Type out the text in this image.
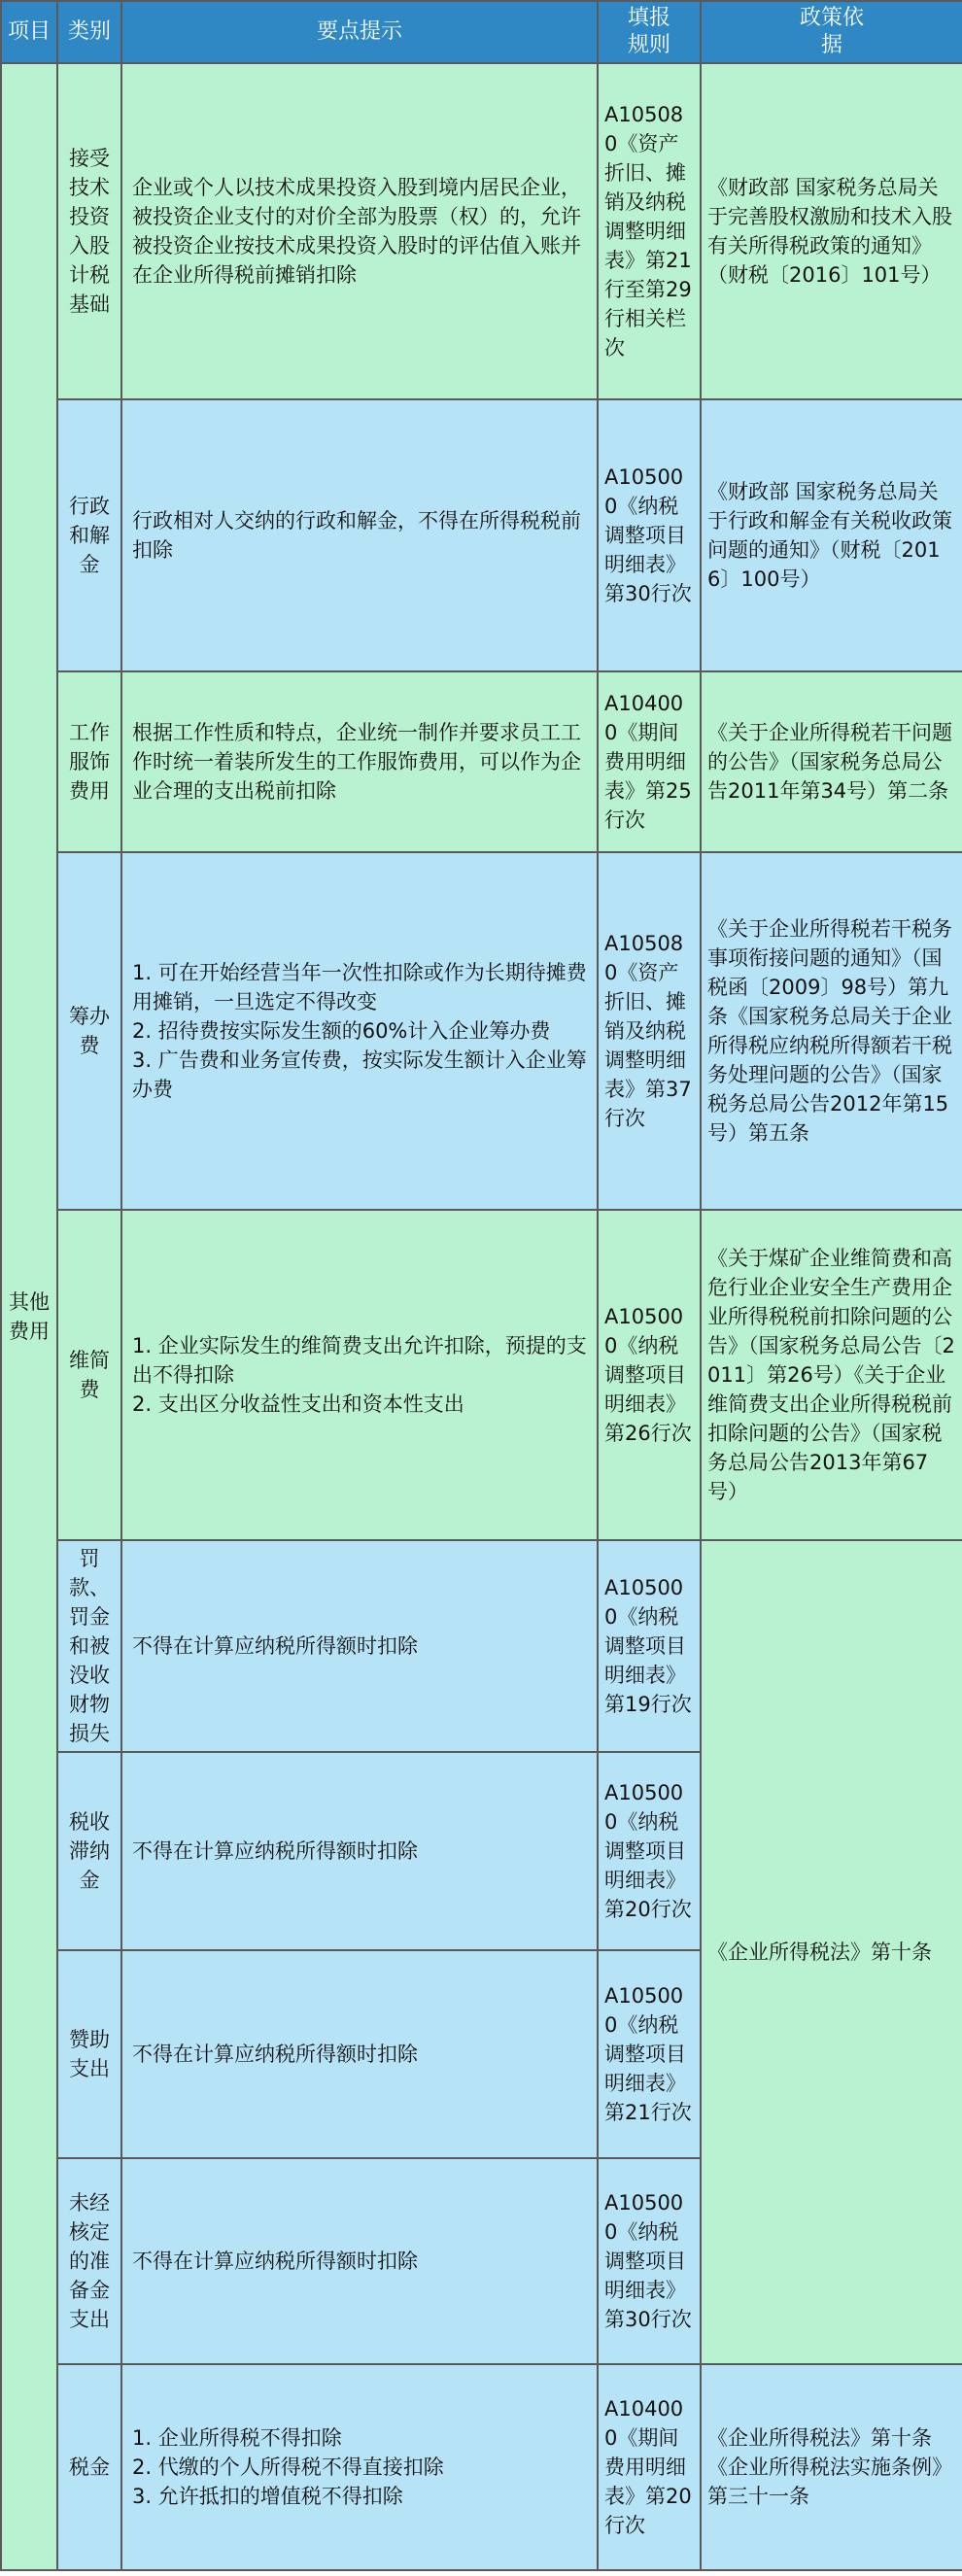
项目	类别	要点提示	填报规则	政策依据
其他费用	接受技术投资入股计税基础	企业或个人以技术成果投资入股到境内居民企业，被投资企业支付的对价全部为股票（权）的，允许被投资企业按技术成果投资入股时的评估值入账并在企业所得税前摊销扣除	A105080《资产折旧、摊销及纳税调整明细表》第21行至第29行相关栏次	《财政部 国家税务总局关于完善股权激励和技术入股有关所得税政策的通知》（财税〔2016〕101号）
	行政和解金	行政相对人交纳的行政和解金，不得在所得税税前扣除	A105000《纳税调整项目明细表》第30行次	《财政部 国家税务总局关于行政和解金有关税收政策问题的通知》（财税〔2016〕100号）
	工作服饰费用	根据工作性质和特点，企业统一制作并要求员工工作时统一着装所发生的工作服饰费用，可以作为企业合理的支出税前扣除	A104000《期间费用明细表》第25行次	《关于企业所得税若干问题的公告》（国家税务总局公告2011年第34号）第二条
	筹办费	1. 可在开始经营当年一次性扣除或作为长期待摊费用摊销，一旦选定不得改变
2. 招待费按实际发生额的60%计入企业筹办费
3. 广告费和业务宣传费，按实际发生额计入企业筹办费	A105080《资产折旧、摊销及纳税调整明细表》第37行次	《关于企业所得税若干税务事项衔接问题的通知》（国税函〔2009〕98号）第九条《国家税务总局关于企业所得税应纳税所得额若干税务处理问题的公告》（国家税务总局公告2012年第15号）第五条
	维简费	1. 企业实际发生的维简费支出允许扣除，预提的支出不得扣除
2. 支出区分收益性支出和资本性支出	A105000《纳税调整项目明细表》第26行次	《关于煤矿企业维简费和高危行业企业安全生产费用企业所得税税前扣除问题的公告》（国家税务总局公告〔2011〕第26号）《关于企业维简费支出企业所得税税前扣除问题的公告》（国家税务总局公告2013年第67号）
	罚款、罚金和被没收财物损失	不得在计算应纳税所得额时扣除	A105000《纳税调整项目明细表》第19行次	《企业所得税法》第十条
	税收滞纳金	不得在计算应纳税所得额时扣除	A105000《纳税调整项目明细表》第20行次	
	赞助支出	不得在计算应纳税所得额时扣除	A105000《纳税调整项目明细表》第21行次	
	未经核定的准备金支出	不得在计算应纳税所得额时扣除	A105000《纳税调整项目明细表》第30行次	
	税金	1. 企业所得税不得扣除
2. 代缴的个人所得税不得直接扣除
3. 允许抵扣的增值税不得扣除	A104000《期间费用明细表》第20行次	《企业所得税法》第十条《企业所得税法实施条例》第三十一条
